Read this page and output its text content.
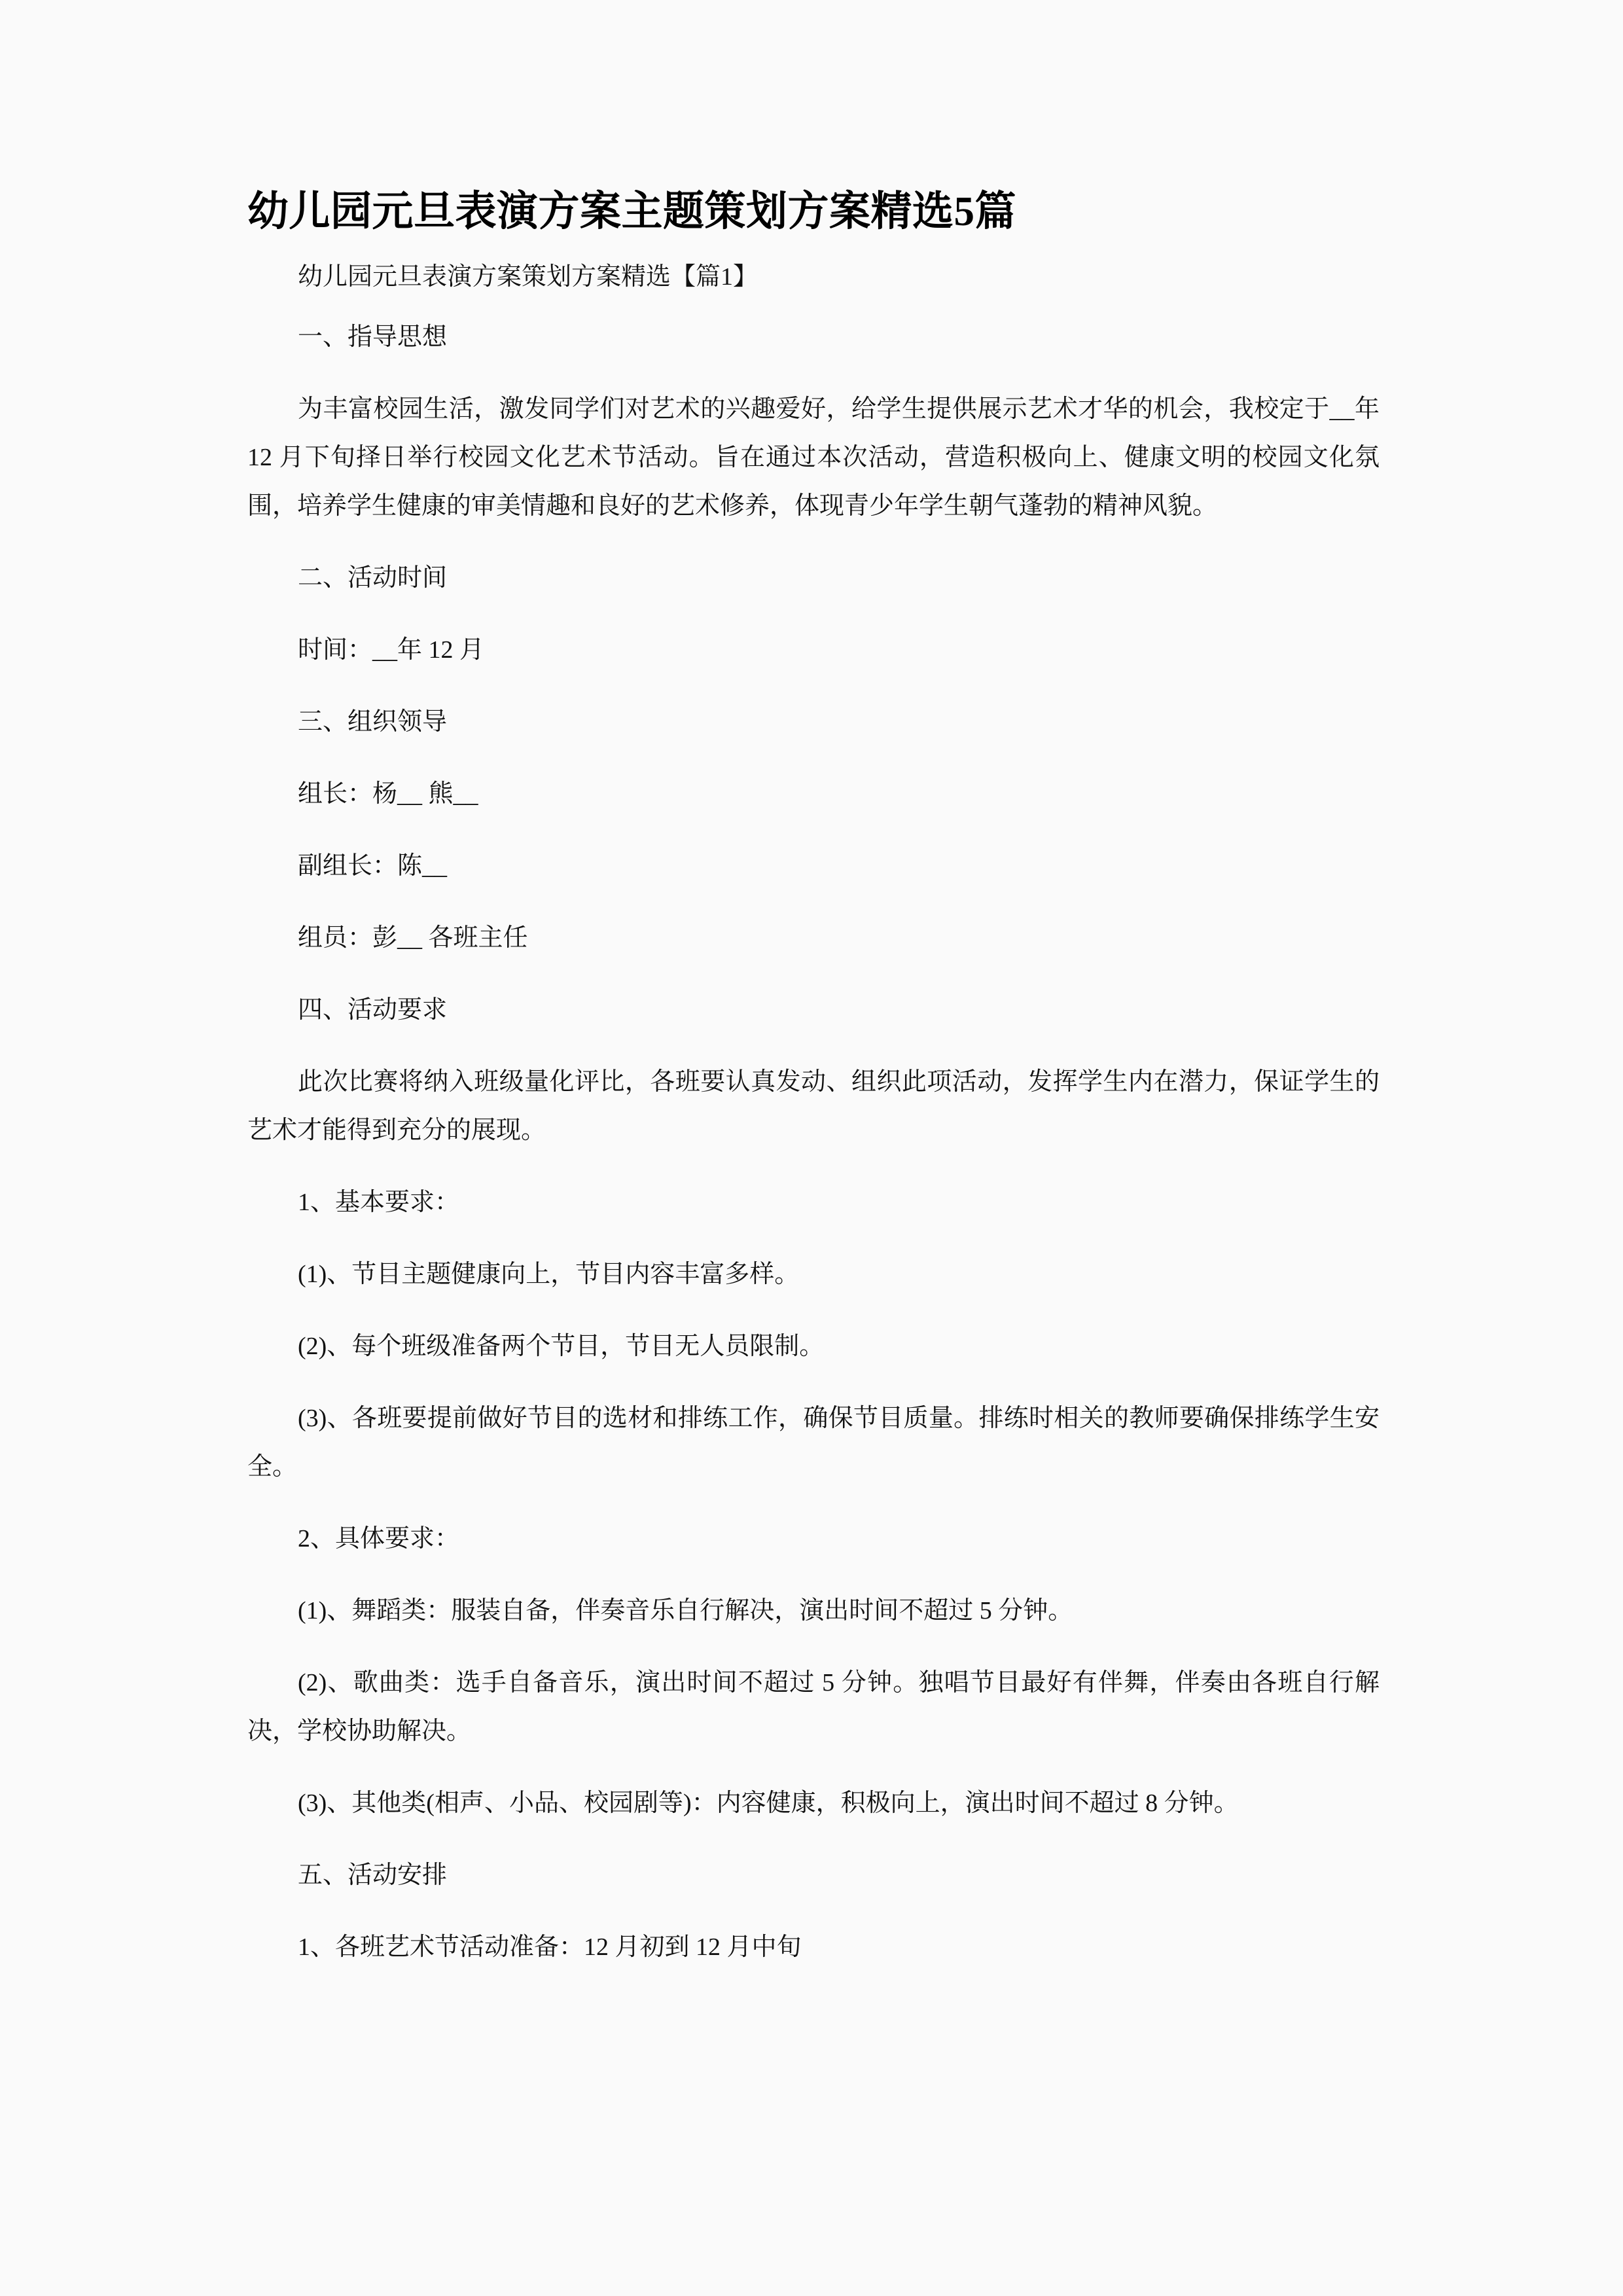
幼儿园元旦表演方案主题策划方案精选5篇

幼儿园元旦表演方案策划方案精选【篇1】

一、指导思想

为丰富校园生活，激发同学们对艺术的兴趣爱好，给学生提供展示艺术才华的机会，我校定于__年 12 月下旬择日举行校园文化艺术节活动。旨在通过本次活动，营造积极向上、健康文明的校园文化氛围，培养学生健康的审美情趣和良好的艺术修养，体现青少年学生朝气蓬勃的精神风貌。

二、活动时间

时间：__年 12 月

三、组织领导

组长：杨__ 熊__

副组长：陈__

组员：彭__ 各班主任

四、活动要求

此次比赛将纳入班级量化评比，各班要认真发动、组织此项活动，发挥学生内在潜力，保证学生的艺术才能得到充分的展现。

1、基本要求：

(1)、节目主题健康向上，节目内容丰富多样。

(2)、每个班级准备两个节目，节目无人员限制。

(3)、各班要提前做好节目的选材和排练工作，确保节目质量。排练时相关的教师要确保排练学生安全。

2、具体要求：

(1)、舞蹈类：服装自备，伴奏音乐自行解决，演出时间不超过 5 分钟。

(2)、歌曲类：选手自备音乐，演出时间不超过 5 分钟。独唱节目最好有伴舞，伴奏由各班自行解决，学校协助解决。

(3)、其他类(相声、小品、校园剧等)：内容健康，积极向上，演出时间不超过 8 分钟。

五、活动安排

1、各班艺术节活动准备：12 月初到 12 月中旬
